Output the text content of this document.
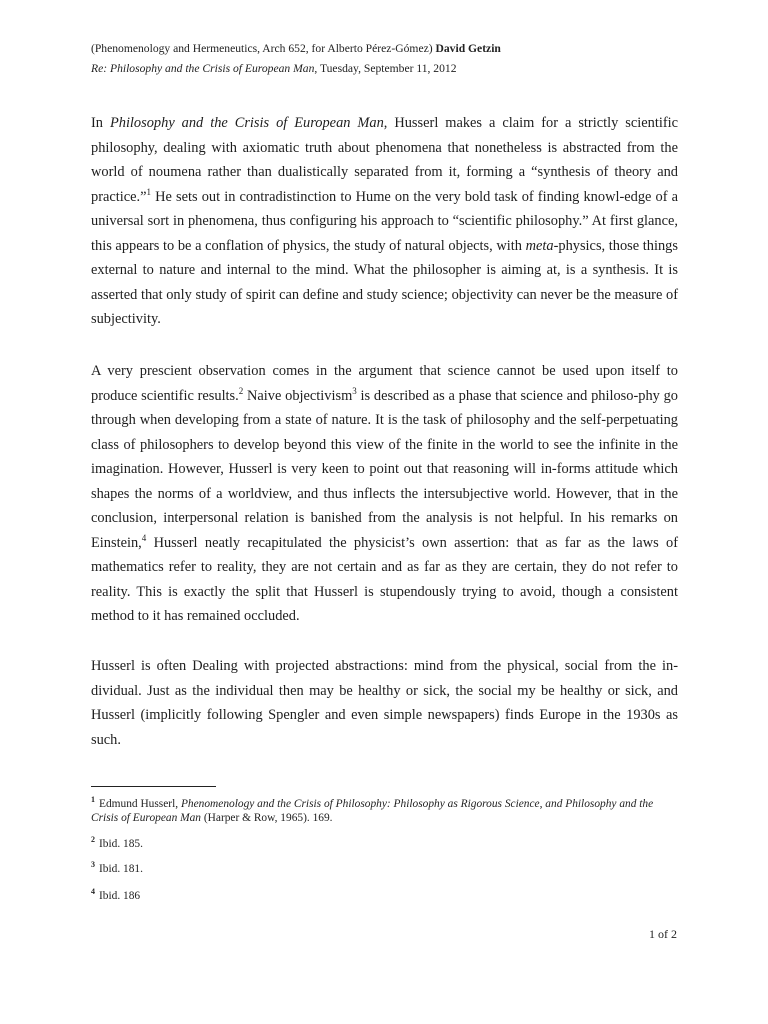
(Phenomenology and Hermeneutics, Arch 652, for Alberto Pérez-Gómez) David Getzin
Re: Philosophy and the Crisis of European Man, Tuesday, September 11, 2012

In Philosophy and the Crisis of European Man, Husserl makes a claim for a strictly scientific philosophy, dealing with axiomatic truth about phenomena that nonetheless is abstracted from the world of noumena rather than dualistically separated from it, forming a “synthesis of theory and practice.”$^1$ He sets out in contradistinction to Hume on the very bold task of finding knowl-edge of a universal sort in phenomena, thus configuring his approach to “scientific philosophy.” At first glance, this appears to be a conflation of physics, the study of natural objects, with meta-physics, those things external to nature and internal to the mind. What the philosopher is aiming at, is a synthesis. It is asserted that only study of spirit can define and study science; objectivity can never be the measure of subjectivity.

A very prescient observation comes in the argument that science cannot be used upon itself to produce scientific results.$^2$ Naive objectivism$^3$ is described as a phase that science and philoso-phy go through when developing from a state of nature. It is the task of philosophy and the self-perpetuating class of philosophers to develop beyond this view of the finite in the world to see the infinite in the imagination. However, Husserl is very keen to point out that reasoning will in-forms attitude which shapes the norms of a worldview, and thus inflects the intersubjective world. However, that in the conclusion, interpersonal relation is banished from the analysis is not helpful. In his remarks on Einstein,$^4$ Husserl neatly recapitulated the physicist’s own assertion: that as far as the laws of mathematics refer to reality, they are not certain and as far as they are certain, they do not refer to reality. This is exactly the split that Husserl is stupendously trying to avoid, though a consistent method to it has remained occluded.

Husserl is often Dealing with projected abstractions: mind from the physical, social from the in-dividual. Just as the individual then may be healthy or sick, the social my be healthy or sick, and Husserl (implicitly following Spengler and even simple newspapers) finds Europe in the 1930s as such.

$^1$ Edmund Husserl, Phenomenology and the Crisis of Philosophy: Philosophy as Rigorous Science, and Philosophy and the Crisis of European Man (Harper & Row, 1965). 169.

$^2$ Ibid. 185.

$^3$ Ibid. 181.

$^4$ Ibid. 186

1 of 2
